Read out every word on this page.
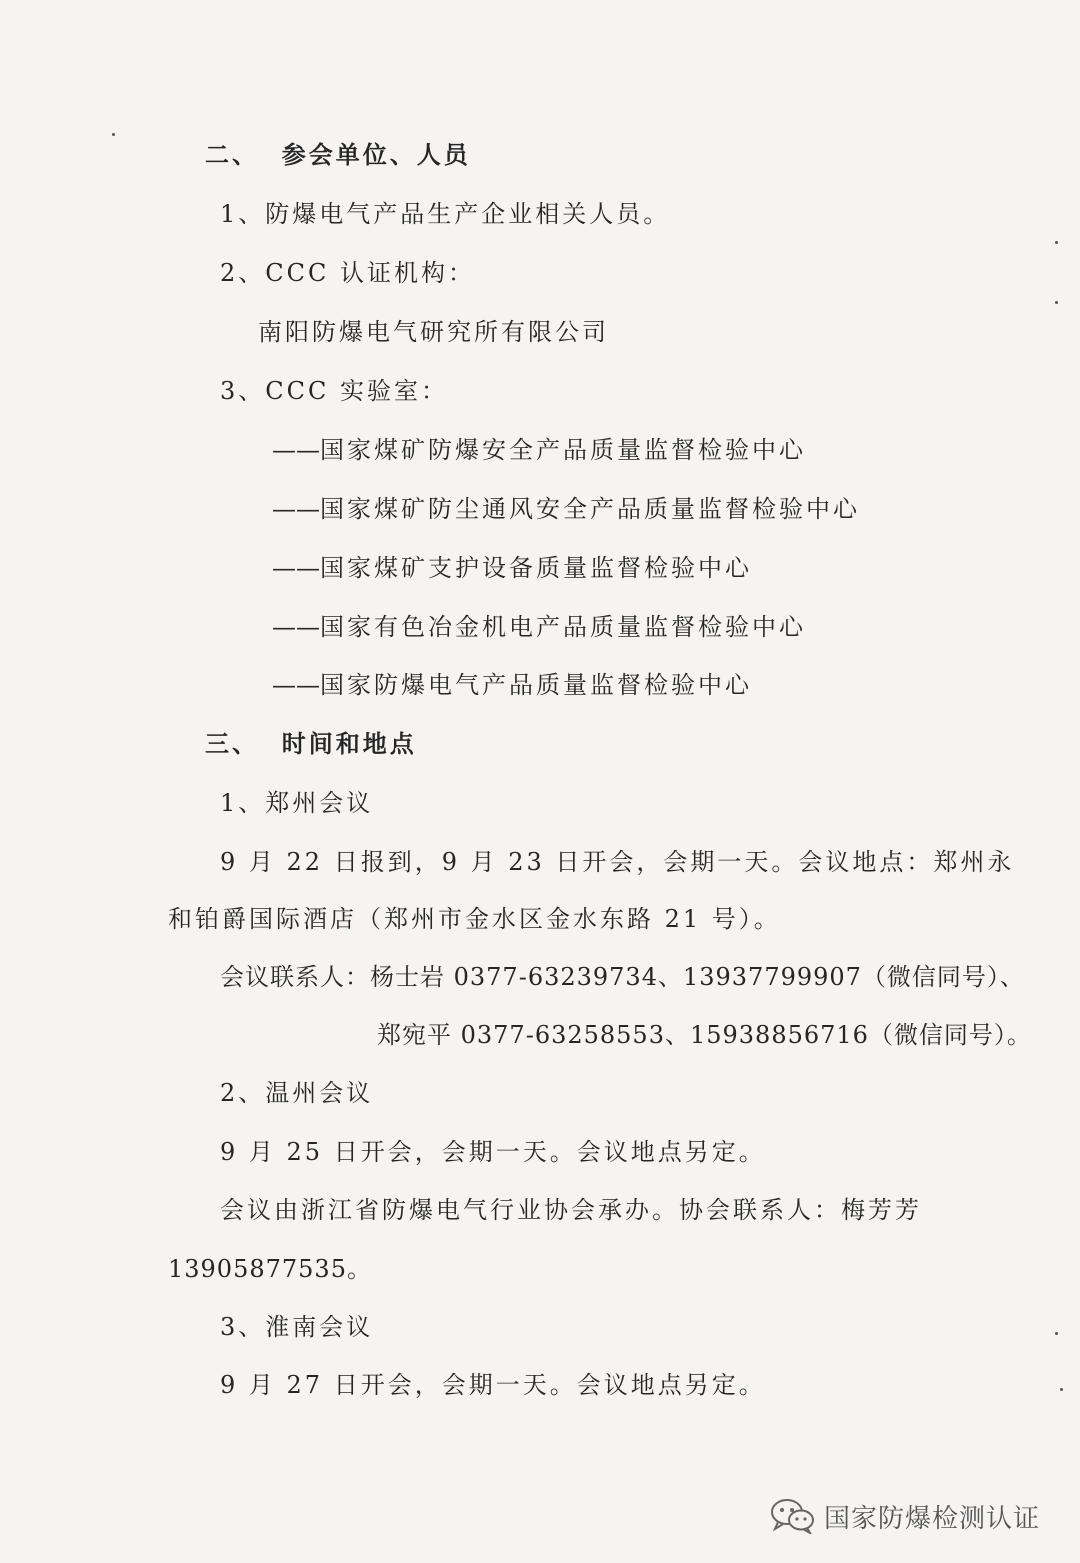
二、 参会单位、人员
1、防爆电气产品生产企业相关人员。
2、CCC 认证机构：
南阳防爆电气研究所有限公司
3、CCC 实验室：
——国家煤矿防爆安全产品质量监督检验中心
——国家煤矿防尘通风安全产品质量监督检验中心
——国家煤矿支护设备质量监督检验中心
——国家有色冶金机电产品质量监督检验中心
——国家防爆电气产品质量监督检验中心
三、 时间和地点
1、郑州会议
9 月 22 日报到，9 月 23 日开会，会期一天。会议地点：郑州永
和铂爵国际酒店（郑州市金水区金水东路 21 号）。
会议联系人：杨士岩 0377-63239734、13937799907（微信同号）、
郑宛平 0377-63258553、15938856716（微信同号）。
2、温州会议
9 月 25 日开会，会期一天。会议地点另定。
会议由浙江省防爆电气行业协会承办。协会联系人：梅芳芳
13905877535。
3、淮南会议
9 月 27 日开会，会期一天。会议地点另定。
国家防爆检测认证
